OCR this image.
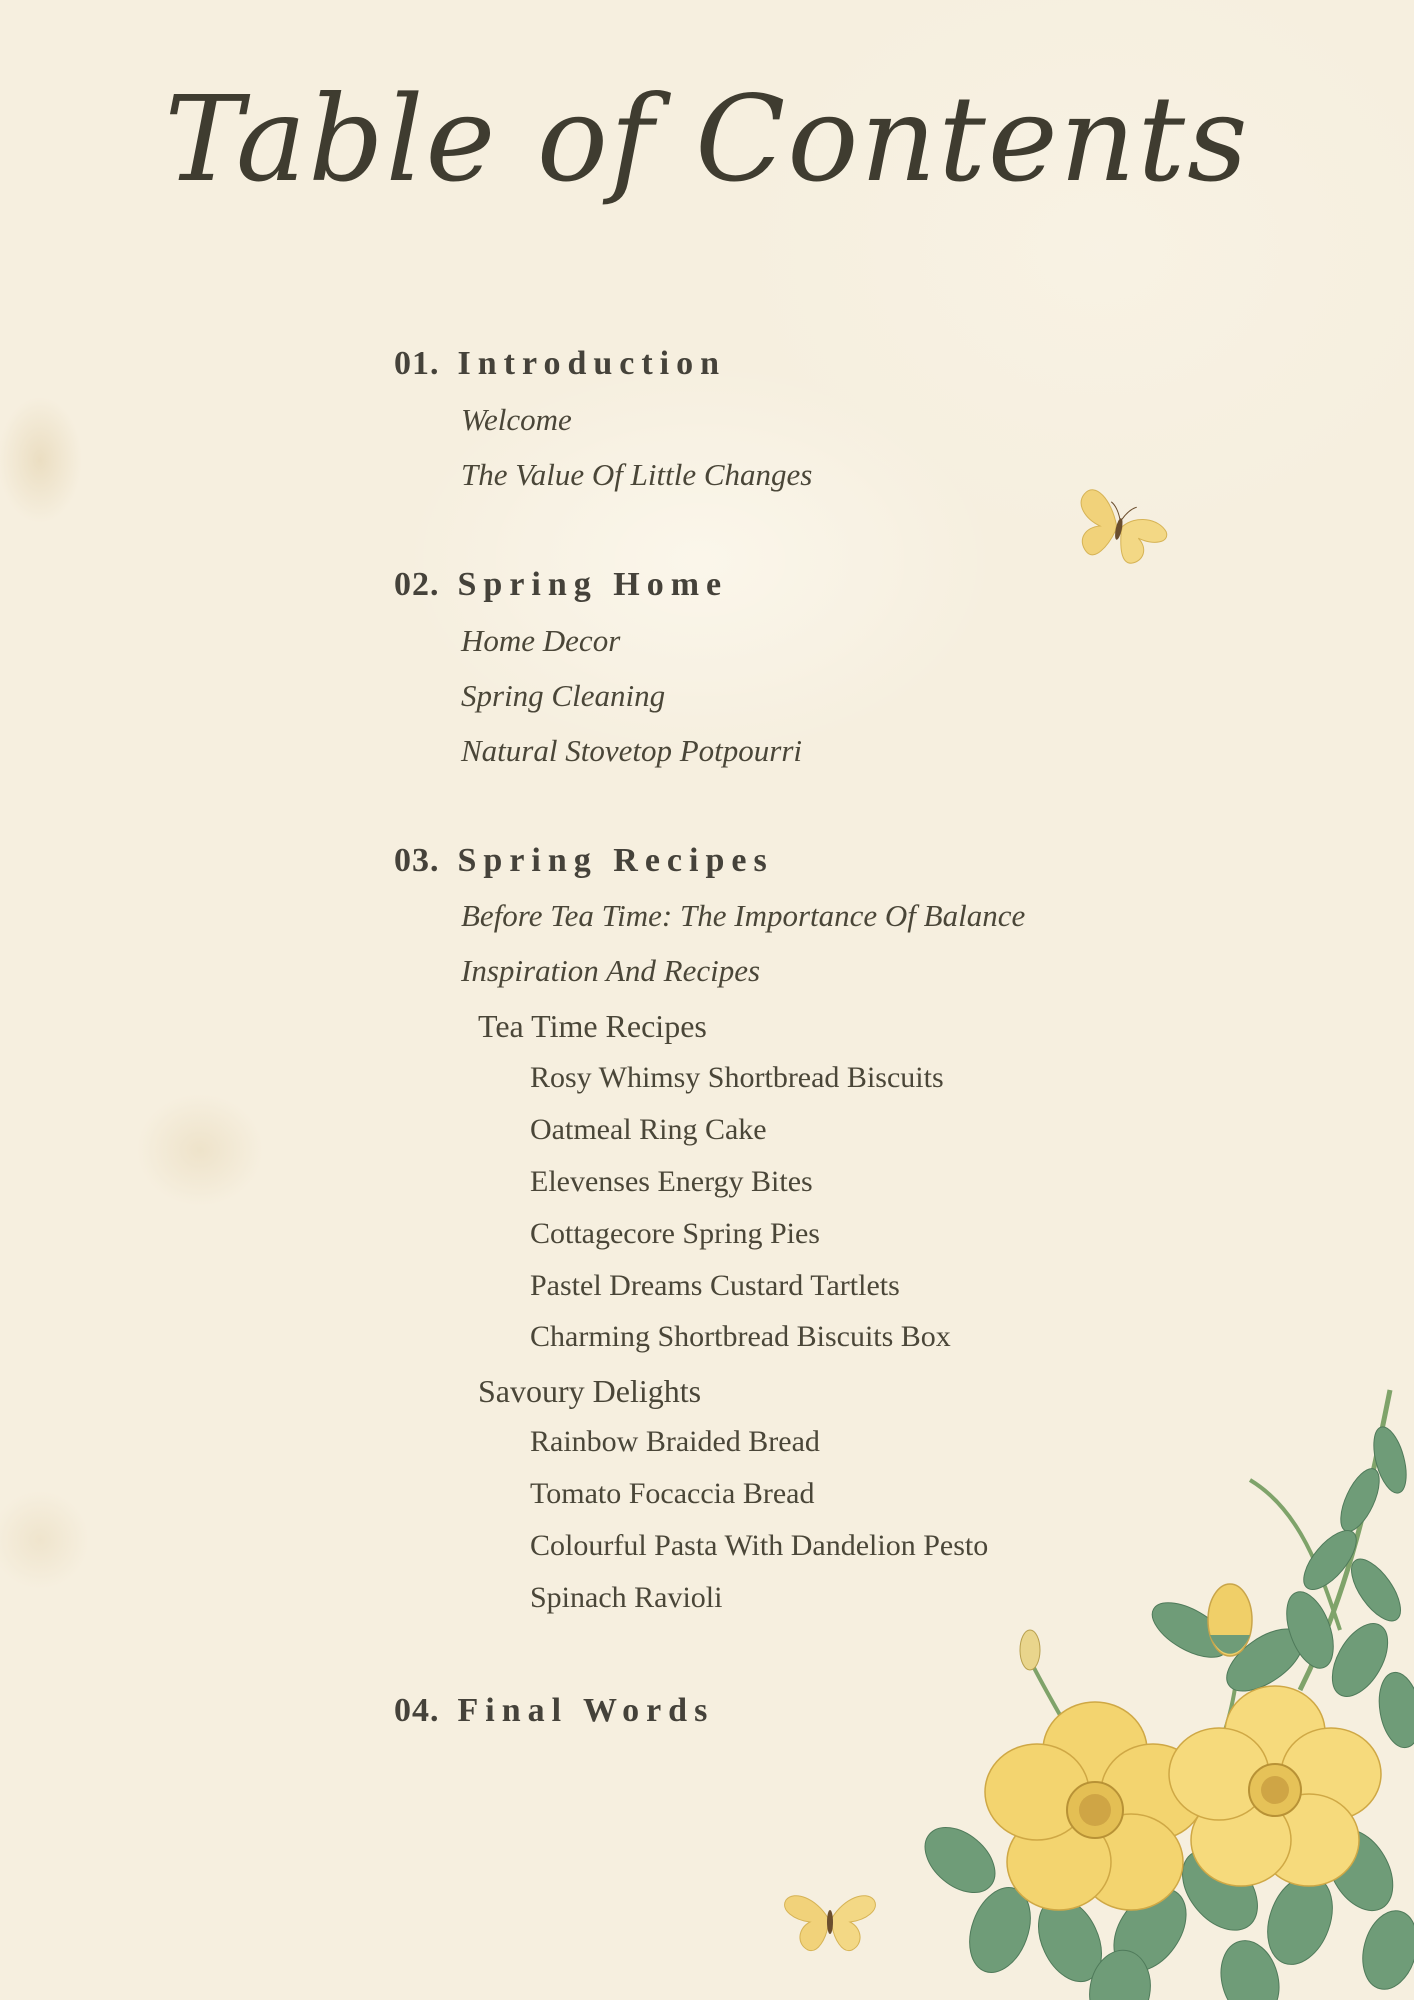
Table of Contents

01. Introduction

Welcome

The Value Of Little Changes

02. Spring Home

Home Decor

Spring Cleaning

Natural Stovetop Potpourri

03. Spring Recipes

Before Tea Time: The Importance Of Balance

Inspiration And Recipes

Tea Time Recipes

Rosy Whimsy Shortbread Biscuits

Oatmeal Ring Cake

Elevenses Energy Bites

Cottagecore Spring Pies

Pastel Dreams Custard Tartlets

Charming Shortbread Biscuits Box

Savoury Delights

Rainbow Braided Bread

Tomato Focaccia Bread

Colourful Pasta With Dandelion Pesto

Spinach Ravioli

04. Final Words
